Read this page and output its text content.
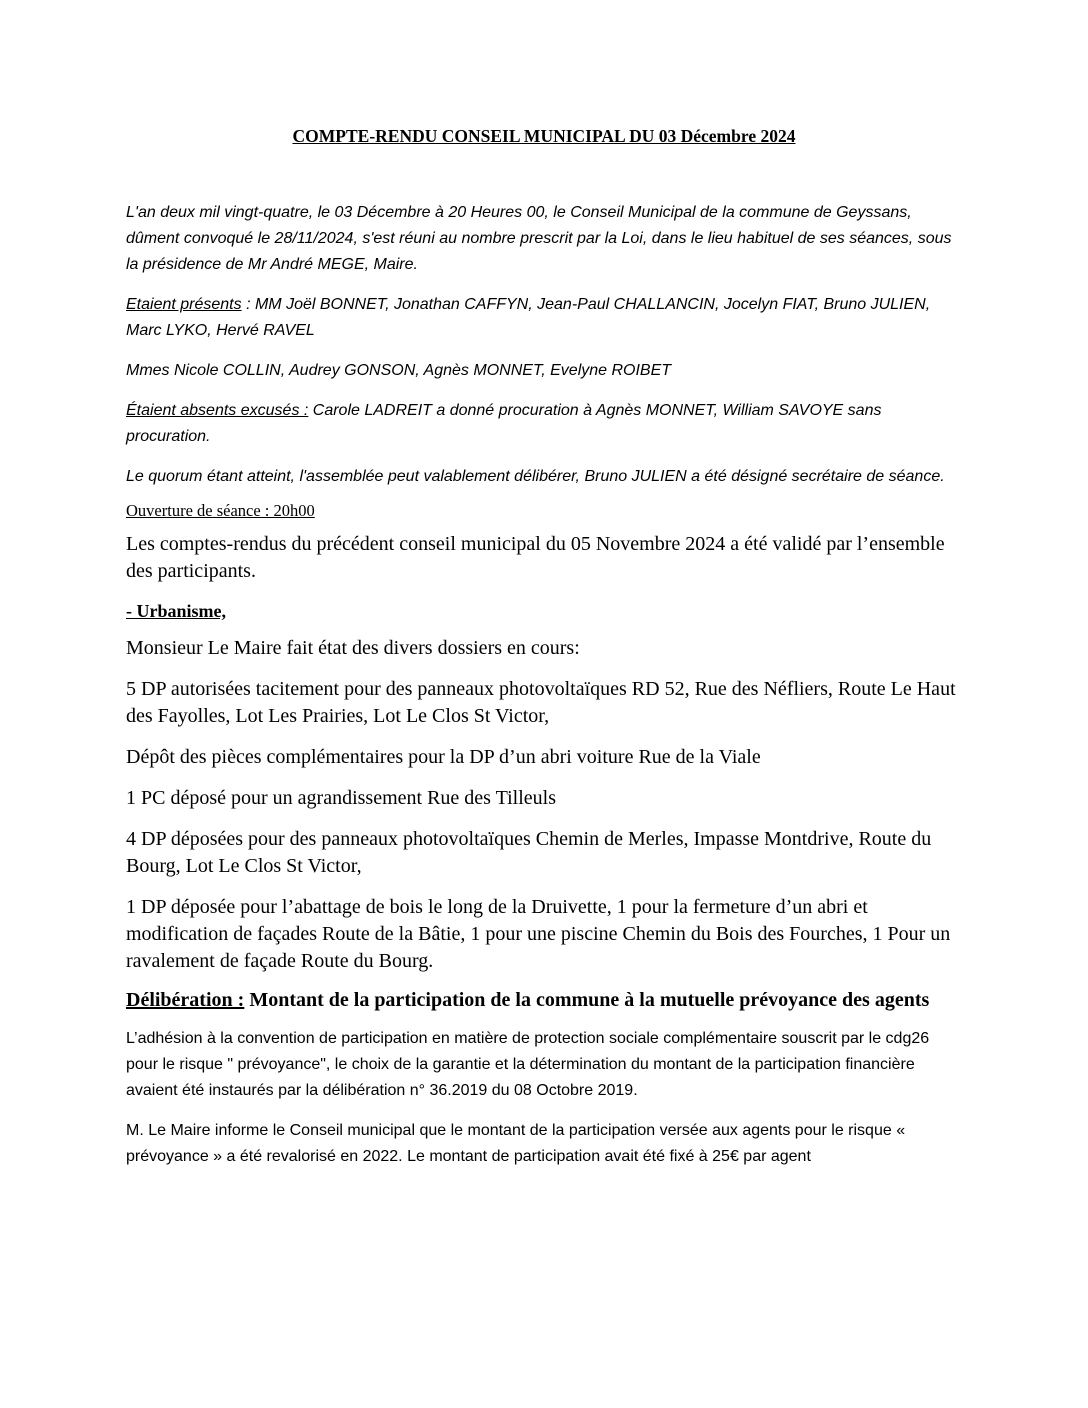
COMPTE-RENDU CONSEIL MUNICIPAL DU 03 Décembre 2024

L'an deux mil vingt-quatre, le 03 Décembre à 20 Heures 00, le Conseil Municipal de la commune de Geyssans, dûment convoqué le 28/11/2024, s'est réuni au nombre prescrit par la Loi, dans le lieu habituel de ses séances, sous la présidence de Mr André MEGE, Maire.

Etaient présents : MM Joël BONNET, Jonathan CAFFYN, Jean-Paul CHALLANCIN, Jocelyn FIAT, Bruno JULIEN, Marc LYKO, Hervé RAVEL

Mmes Nicole COLLIN, Audrey GONSON, Agnès MONNET, Evelyne ROIBET

Étaient absents excusés : Carole LADREIT a donné procuration à Agnès MONNET, William SAVOYE sans procuration.

Le quorum étant atteint, l'assemblée peut valablement délibérer, Bruno JULIEN a été désigné secrétaire de séance.

Ouverture de séance : 20h00

Les comptes-rendus du précédent conseil municipal du 05 Novembre 2024 a été validé par l’ensemble des participants.

- Urbanisme,

Monsieur Le Maire fait état des divers dossiers en cours:

5 DP autorisées tacitement pour des panneaux photovoltaïques RD 52, Rue des Néfliers, Route Le Haut des Fayolles, Lot Les Prairies, Lot Le Clos St Victor,

Dépôt des pièces complémentaires pour la DP d’un abri voiture Rue de la Viale

1 PC déposé pour un agrandissement Rue des Tilleuls

4 DP déposées pour des panneaux photovoltaïques Chemin de Merles, Impasse Montdrive, Route du Bourg, Lot Le Clos St Victor,

1 DP déposée pour l’abattage de bois le long de la Druivette, 1 pour la fermeture d’un abri et modification de façades Route de la Bâtie, 1 pour une piscine Chemin du Bois des Fourches, 1 Pour un ravalement de façade Route du Bourg.

Délibération : Montant de la participation de la commune à la mutuelle prévoyance des agents

L’adhésion à la convention de participation en matière de protection sociale complémentaire souscrit par le cdg26 pour le risque " prévoyance", le choix de la garantie et la détermination du montant de la participation financière avaient été instaurés par la délibération n° 36.2019 du 08 Octobre 2019.

M. Le Maire informe le Conseil municipal que le montant de la participation versée aux agents pour le risque « prévoyance » a été revalorisé en 2022. Le montant de participation avait été fixé à 25€ par agent
